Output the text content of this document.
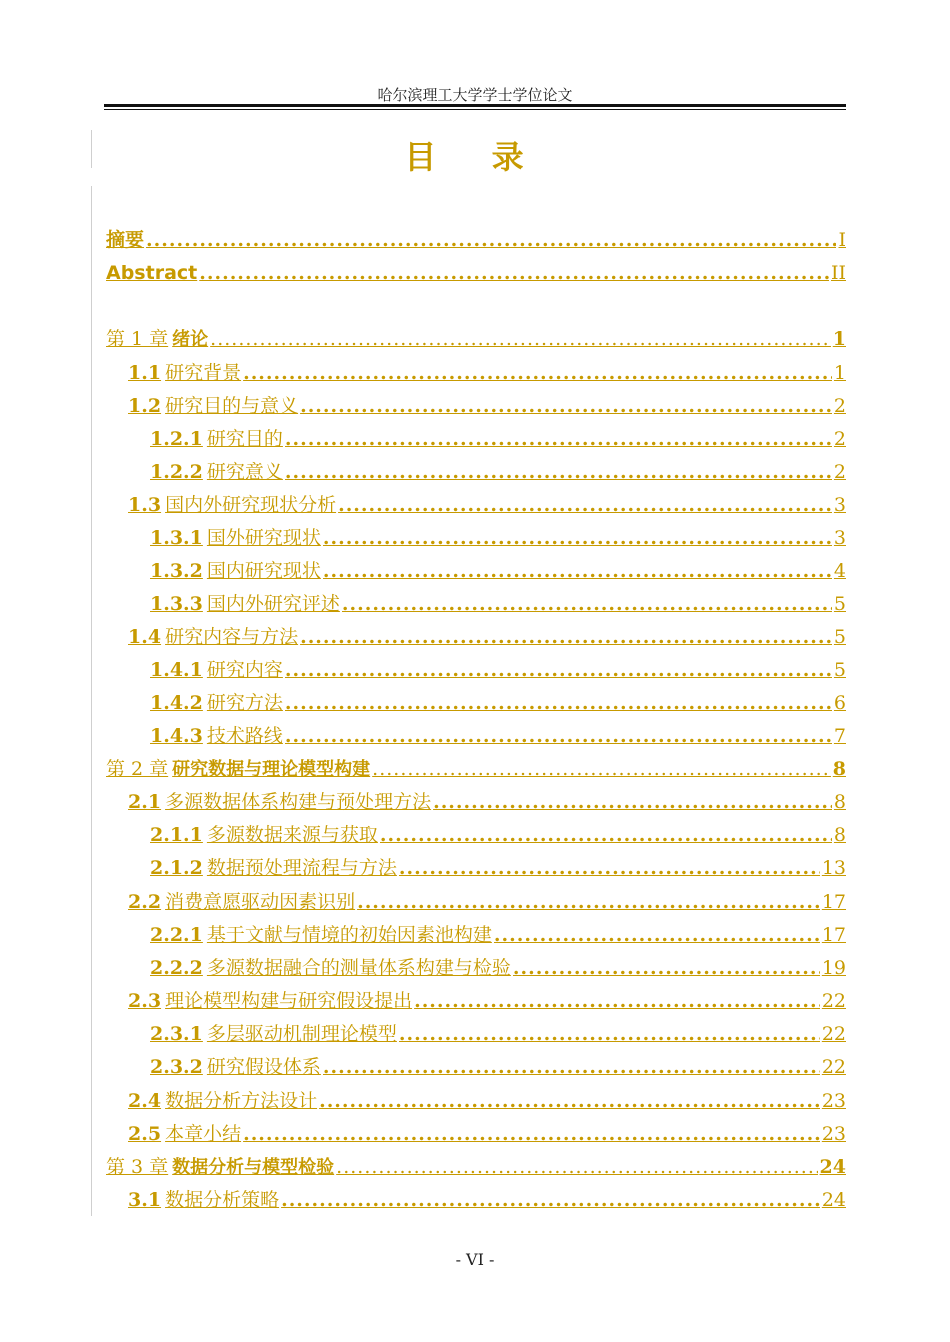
哈尔滨理工大学学士学位论文
目 录
摘要 .....	I
Abstract .....	II
第 1 章 绪论 .....	1
1.1 研究背景 .....	1
1.2 研究目的与意义 .....	2
1.2.1 研究目的 .....	2
1.2.2 研究意义 .....	2
1.3 国内外研究现状分析 .....	3
1.3.1 国外研究现状 .....	3
1.3.2 国内研究现状 .....	4
1.3.3 国内外研究评述 .....	5
1.4 研究内容与方法 .....	5
1.4.1 研究内容 .....	5
1.4.2 研究方法 .....	6
1.4.3 技术路线 .....	7
第 2 章 研究数据与理论模型构建 .....	8
2.1 多源数据体系构建与预处理方法 .....	8
2.1.1 多源数据来源与获取 .....	8
2.1.2 数据预处理流程与方法 .....	13
2.2 消费意愿驱动因素识别 .....	17
2.2.1 基于文献与情境的初始因素池构建 .....	17
2.2.2 多源数据融合的测量体系构建与检验 .....	19
2.3 理论模型构建与研究假设提出 .....	22
2.3.1 多层驱动机制理论模型 .....	22
2.3.2 研究假设体系 .....	22
2.4 数据分析方法设计 .....	23
2.5 本章小结 .....	23
第 3 章 数据分析与模型检验 .....	24
3.1 数据分析策略 .....	24
- VI -
